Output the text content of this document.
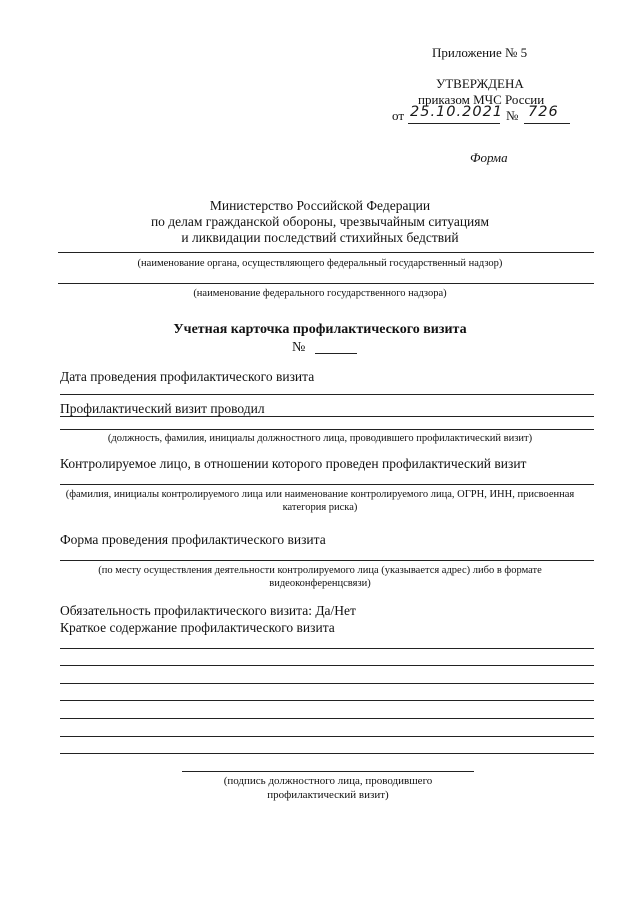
Приложение № 5
УТВЕРЖДЕНА
приказом МЧС России
от 25.10.2021 № 726
Форма
Министерство Российской Федерации
по делам гражданской обороны, чрезвычайным ситуациям
и ликвидации последствий стихийных бедствий
(наименование органа, осуществляющего федеральный государственный надзор)
(наименование федерального государственного надзора)
Учетная карточка профилактического визита
№
Дата проведения профилактического визита
Профилактический визит проводил
(должность, фамилия, инициалы должностного лица, проводившего профилактический визит)
Контролируемое лицо, в отношении которого проведен профилактический визит
(фамилия, инициалы контролируемого лица или наименование контролируемого лица, ОГРН, ИНН, присвоенная
категория риска)
Форма проведения профилактического визита
(по месту осуществления деятельности контролируемого лица (указывается адрес) либо в формате
видеоконференцсвязи)
Обязательность профилактического визита: Да/Нет
Краткое содержание профилактического визита
(подпись должностного лица, проводившего
профилактический визит)
